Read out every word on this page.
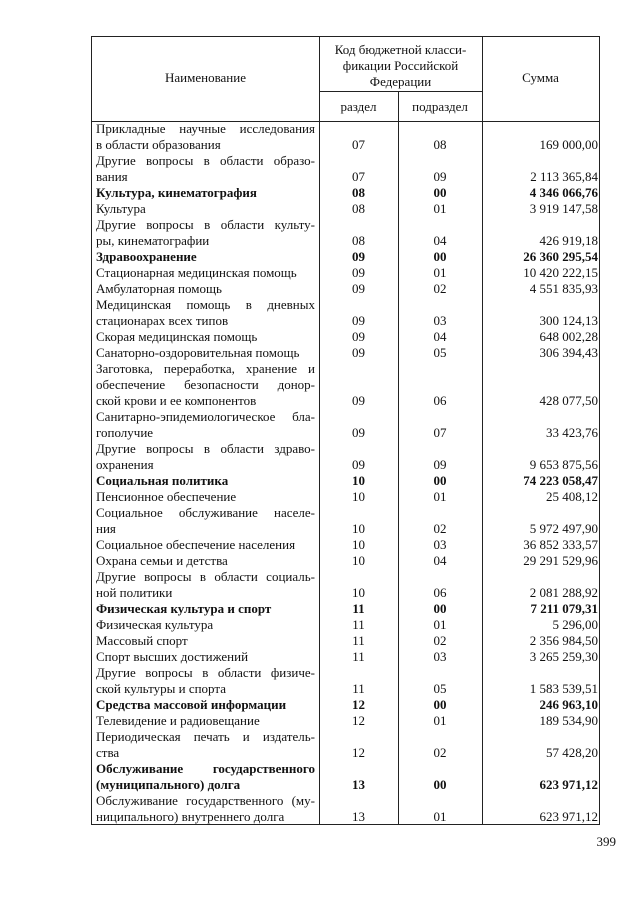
Наименование
Код бюджетной класси-
фикации Российской
Федерации
раздел	подраздел
Сумма
Прикладные научные исследования
в области образования	07	08	169 000,00
Другие вопросы в области образо-
вания	07	09	2 113 365,84
Культура, кинематография	08	00	4 346 066,76
Культура	08	01	3 919 147,58
Другие вопросы в области культу-
ры, кинематографии	08	04	426 919,18
Здравоохранение	09	00	26 360 295,54
Стационарная медицинская помощь	09	01	10 420 222,15
Амбулаторная помощь	09	02	4 551 835,93
Медицинская помощь в дневных
стационарах всех типов	09	03	300 124,13
Скорая медицинская помощь	09	04	648 002,28
Санаторно-оздоровительная помощь	09	05	306 394,43
Заготовка, переработка, хранение и
обеспечение безопасности донор-
ской крови и ее компонентов	09	06	428 077,50
Санитарно-эпидемиологическое бла-
гополучие	09	07	33 423,76
Другие вопросы в области здраво-
охранения	09	09	9 653 875,56
Социальная политика	10	00	74 223 058,47
Пенсионное обеспечение	10	01	25 408,12
Социальное обслуживание населе-
ния	10	02	5 972 497,90
Социальное обеспечение населения	10	03	36 852 333,57
Охрана семьи и детства	10	04	29 291 529,96
Другие вопросы в области социаль-
ной политики	10	06	2 081 288,92
Физическая культура и спорт	11	00	7 211 079,31
Физическая культура	11	01	5 296,00
Массовый спорт	11	02	2 356 984,50
Спорт высших достижений	11	03	3 265 259,30
Другие вопросы в области физиче-
ской культуры и спорта	11	05	1 583 539,51
Средства массовой информации	12	00	246 963,10
Телевидение и радиовещание	12	01	189 534,90
Периодическая печать и издатель-
ства	12	02	57 428,20
Обслуживание государственного
(муниципального) долга	13	00	623 971,12
Обслуживание государственного (му-
ниципального) внутреннего долга	13	01	623 971,12
399
